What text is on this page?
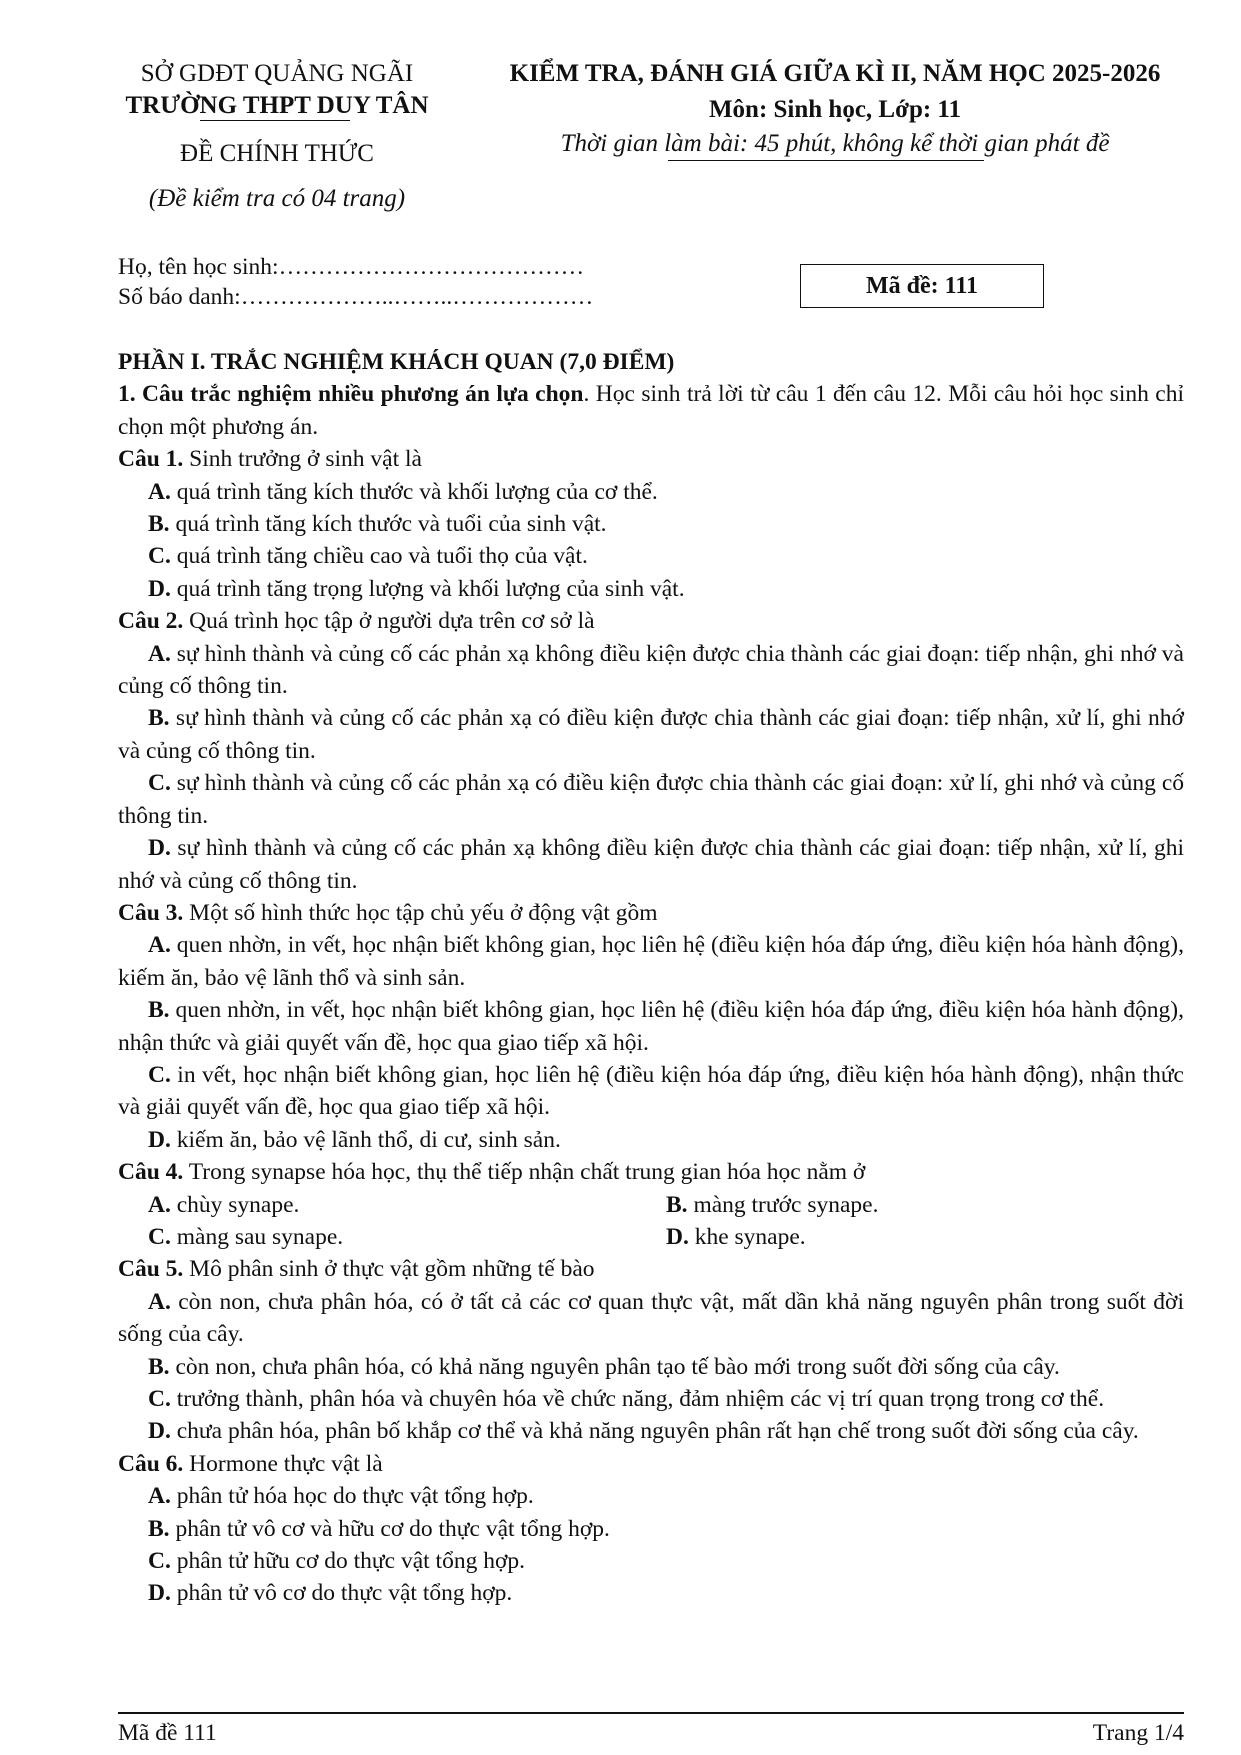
SỞ GDĐT QUẢNG NGÃI
TRƯỜNG THPT DUY TÂN
ĐỀ CHÍNH THỨC
(Đề kiểm tra có 04 trang)
KIỂM TRA, ĐÁNH GIÁ GIỮA KÌ II, NĂM HỌC 2025-2026
Môn: Sinh học, Lớp: 11
Thời gian làm bài: 45 phút, không kể thời gian phát đề
Họ, tên học sinh:…………………………………
Số báo danh:………………..……..………………	Mã đề: 111

PHẦN I. TRẮC NGHIỆM KHÁCH QUAN (7,0 ĐIỂM)

1. Câu trắc nghiệm nhiều phương án lựa chọn. Học sinh trả lời từ câu 1 đến câu 12. Mỗi câu hỏi học sinh chỉ chọn một phương án.

Câu 1. Sinh trưởng ở sinh vật là

A. quá trình tăng kích thước và khối lượng của cơ thể.

B. quá trình tăng kích thước và tuổi của sinh vật.

C. quá trình tăng chiều cao và tuổi thọ của vật.

D. quá trình tăng trọng lượng và khối lượng của sinh vật.

Câu 2. Quá trình học tập ở người dựa trên cơ sở là

A. sự hình thành và củng cố các phản xạ không điều kiện được chia thành các giai đoạn: tiếp nhận, ghi nhớ và củng cố thông tin.

B. sự hình thành và củng cố các phản xạ có điều kiện được chia thành các giai đoạn: tiếp nhận, xử lí, ghi nhớ và củng cố thông tin.

C. sự hình thành và củng cố các phản xạ có điều kiện được chia thành các giai đoạn: xử lí, ghi nhớ và củng cố thông tin.

D. sự hình thành và củng cố các phản xạ không điều kiện được chia thành các giai đoạn: tiếp nhận, xử lí, ghi nhớ và củng cố thông tin.

Câu 3. Một số hình thức học tập chủ yếu ở động vật gồm

A. quen nhờn, in vết, học nhận biết không gian, học liên hệ (điều kiện hóa đáp ứng, điều kiện hóa hành động), kiếm ăn, bảo vệ lãnh thổ và sinh sản.

B. quen nhờn, in vết, học nhận biết không gian, học liên hệ (điều kiện hóa đáp ứng, điều kiện hóa hành động), nhận thức và giải quyết vấn đề, học qua giao tiếp xã hội.

C. in vết, học nhận biết không gian, học liên hệ (điều kiện hóa đáp ứng, điều kiện hóa hành động), nhận thức và giải quyết vấn đề, học qua giao tiếp xã hội.

D. kiếm ăn, bảo vệ lãnh thổ, di cư, sinh sản.

Câu 4. Trong synapse hóa học, thụ thể tiếp nhận chất trung gian hóa học nằm ở

A. chùy synape.	B. màng trước synape.
C. màng sau synape.	D. khe synape.

Câu 5. Mô phân sinh ở thực vật gồm những tế bào

A. còn non, chưa phân hóa, có ở tất cả các cơ quan thực vật, mất dần khả năng nguyên phân trong suốt đời sống của cây.

B. còn non, chưa phân hóa, có khả năng nguyên phân tạo tế bào mới trong suốt đời sống của cây.

C. trưởng thành, phân hóa và chuyên hóa về chức năng, đảm nhiệm các vị trí quan trọng trong cơ thể.

D. chưa phân hóa, phân bố khắp cơ thể và khả năng nguyên phân rất hạn chế trong suốt đời sống của cây.

Câu 6. Hormone thực vật là

A. phân tử hóa học do thực vật tổng hợp.

B. phân tử vô cơ và hữu cơ do thực vật tổng hợp.

C. phân tử hữu cơ do thực vật tổng hợp.

D. phân tử vô cơ do thực vật tổng hợp.

Mã đề 111	Trang 1/4
